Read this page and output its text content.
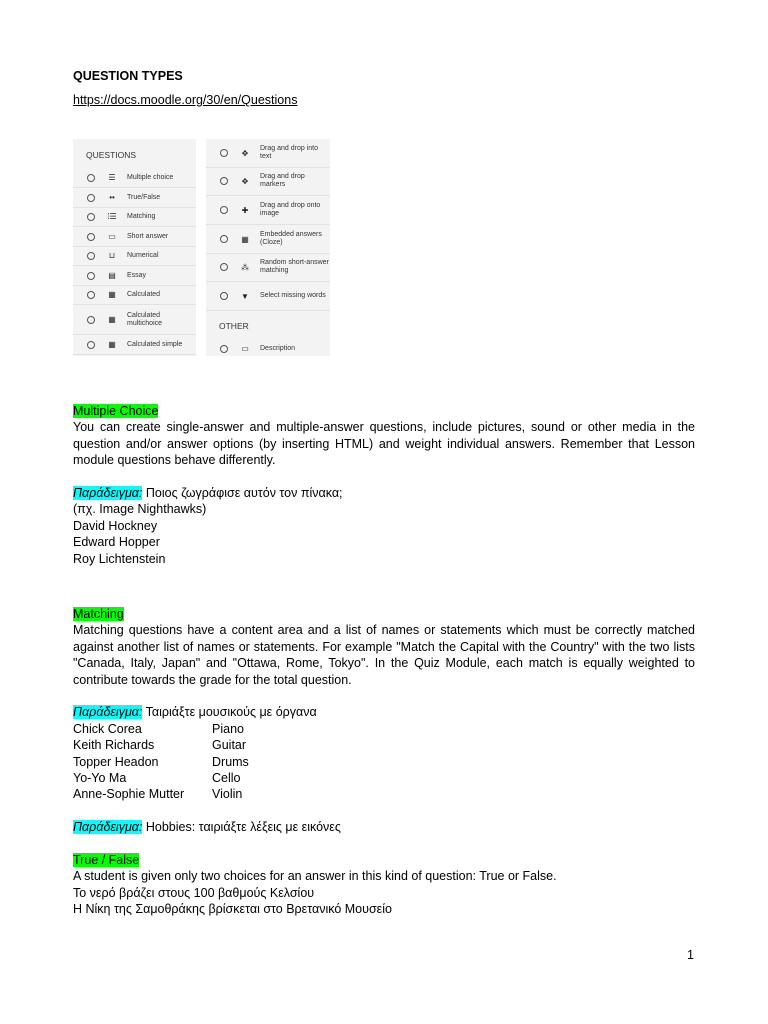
QUESTION TYPES
https://docs.moodle.org/30/en/Questions
QUESTIONS
☰ Multiple choice
••	True/False
⁞☰ Matching
▭ Short answer
⊔ Numerical
▤ Essay
▦ Calculated
▦ Calculated multichoice
▦ Calculated simple
✥ Drag and drop into text
✥ Drag and drop markers
✚ Drag and drop onto image
▦ Embedded answers (Cloze)
⁂ Random short-answer matching
▼ Select missing words
OTHER
▭ Description
Multiple Choice
You can create single-answer and multiple-answer questions, include pictures, sound or other media in the question and/or answer options (by inserting HTML) and weight individual answers. Remember that Lesson module questions behave differently.
Παράδειγμα: Ποιος ζωγράφισε αυτόν τον πίνακα;
(πχ. Image Nighthawks)
David Hockney
Edward Hopper
Roy Lichtenstein
Matching
Matching questions have a content area and a list of names or statements which must be correctly matched against another list of names or statements. For example "Match the Capital with the Country" with the two lists "Canada, Italy, Japan" and "Ottawa, Rome, Tokyo". In the Quiz Module, each match is equally weighted to contribute towards the grade for the total question.
Παράδειγμα: Ταιριάξτε μουσικούς με όργανα
Chick Corea	Piano
Keith Richards	Guitar
Topper Headon	Drums
Yo-Yo Ma	Cello
Anne-Sophie Mutter	Violin
Παράδειγμα: Hobbies: ταιριάξτε λέξεις με εικόνες
True / False
A student is given only two choices for an answer in this kind of question: True or False.
Το νερό βράζει στους 100 βαθμούς Κελσίου
Η Νίκη της Σαμοθράκης βρίσκεται στο Βρετανικό Μουσείο
1
